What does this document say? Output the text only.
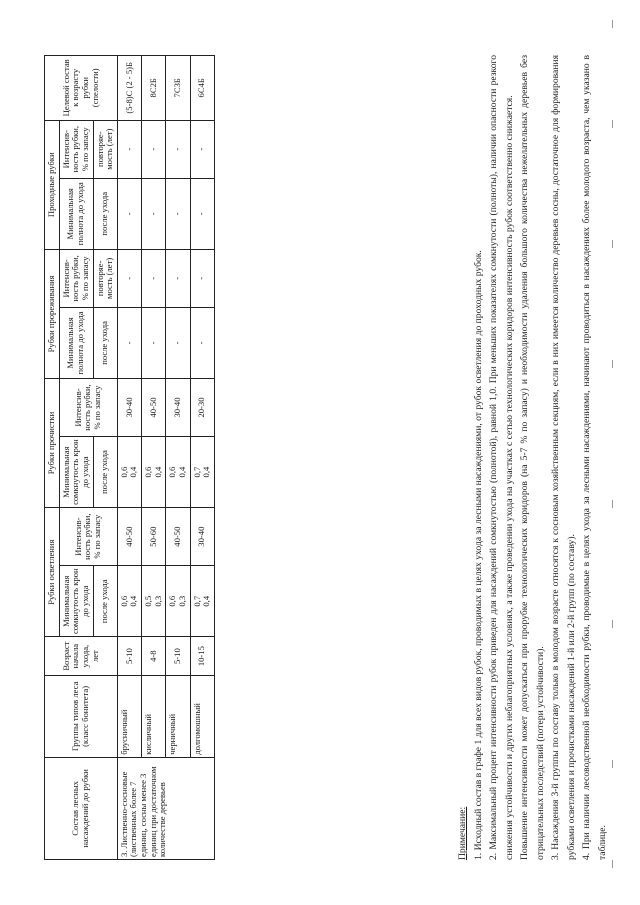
Состав лесных насаждений до рубки	Группы типов леса (класс бонитета)	Возраст начала ухода, лет	Рубки осветления		Рубки прочистки		Рубки прореживания		Проходные рубки		Целевой состав к возрасту рубки (спелости)
			Минимальная сомкнутость крон до ухода	Интенсив- ность рубки, % по запасу	Минимальная сомкнутость крон до ухода	Интенсив- ность рубки, % по запасу	Минимальная полнота до ухода	Интенсив- ность рубки, % по запасу	Минимальная полнота до ухода	Интенсив- ность рубки, % по запасу	
			после ухода		после ухода		после ухода	повторяе- мость (лет)	после ухода	повторяе- мость (лет)	
3. Лиственно-сосновые (лиственных более 7 единиц, сосны менее 3 единиц при достаточном количестве деревьев	брусничный	5-10	0,6 0,4	40-50	0,6 0,4	30-40	-	-	-	-	(5-8)С (2 - 5)Б
	кисличный	4-8	0,5 0,3	50-60	0,6 0,4	40-50	-	-	-	-	8С2Б
	черничный	5-10	0,6 0,3	40-50	0,6 0,4	30-40	-	-	-	-	7С3Б
	долгомошный	10-15	0,7 0,4	30-40	0,7 0,4	20-30	-	-	-	-	6С4Б

Примечание: 1. Исходный состав в графе 1 для всех видов рубок, проводимых в целях ухода за лесными насаждениями, от рубок осветления до проходных рубок. 2. Максимальный процент интенсивности рубок приведен для насаждений сомкнутостью (полнотой), равной 1,0. При меньших показателях сомкнутости (полноты), наличии опасности резкого снижения устойчивости и других неблагоприятных условиях, а также проведении ухода на участках с сетью технологических коридоров интенсивность рубок соответственно снижается. Повышение интенсивности может допускаться при прорубке технологических коридоров (на 5-7 % по запасу) и необходимости удаления большого количества нежелательных деревьев без отрицательных последствий (потери устойчивости). 3. Насаждения 3-й группы по составу только в молодом возрасте относятся к сосновым хозяйственным секциям, если в них имеется количество деревьев сосны, достаточное для формирования рубками осветления и прочистками насаждений 1-й или 2-й групп (по составу). 4. При наличии лесоводственной необходимости рубки, проводимые в целях ухода за лесными насаждениями, начинают проводиться в насаждениях более молодого возраста, чем указано в таблице.
